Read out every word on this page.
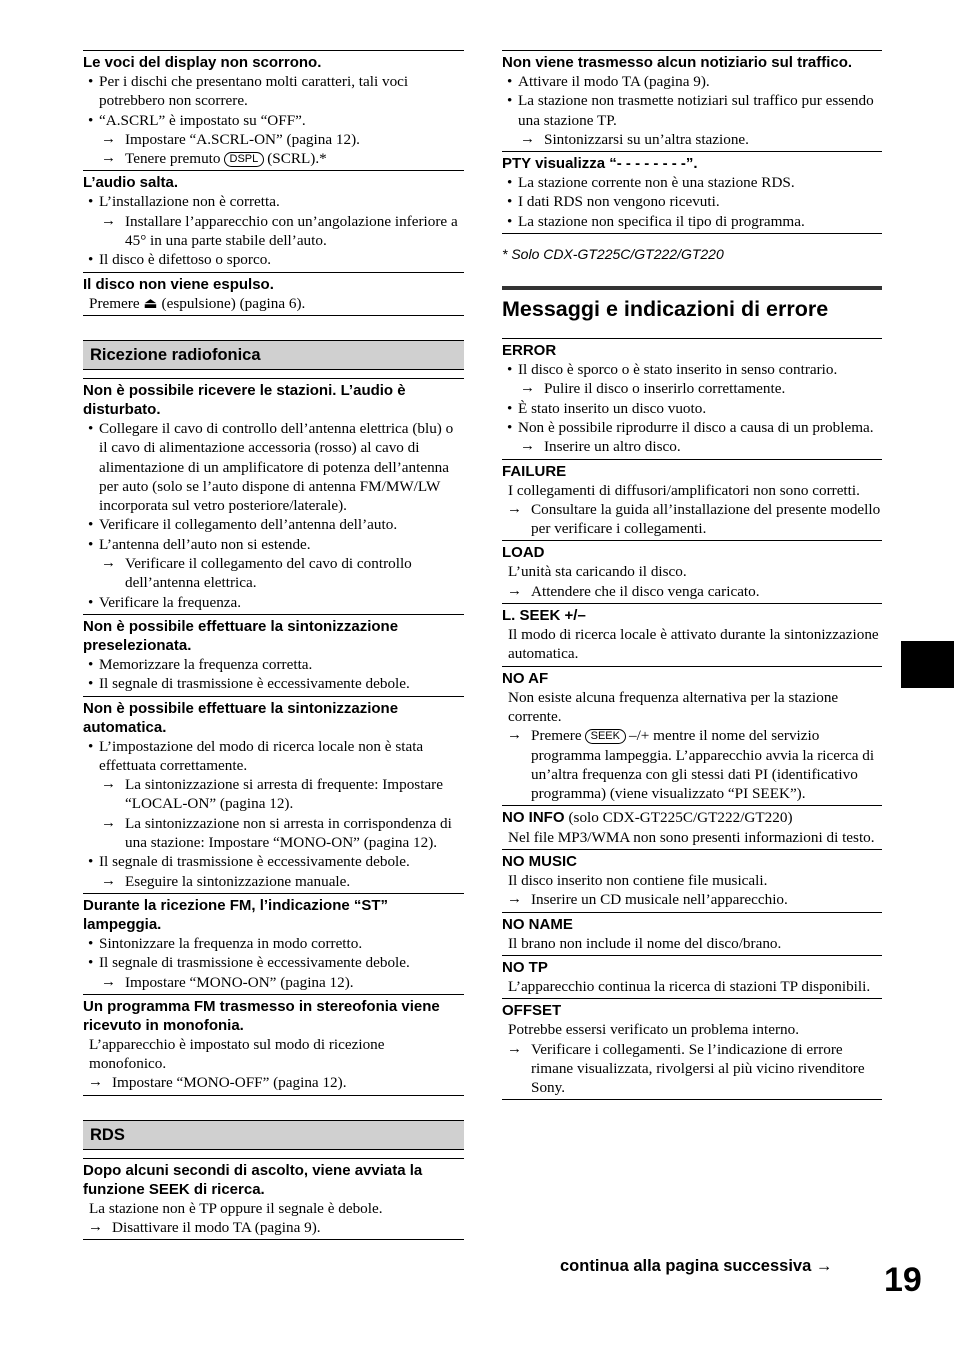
Le voci del display non scorrono.
• Per i dischi che presentano molti caratteri, tali voci potrebbero non scorrere.
• “A.SCRL” è impostato su “OFF”.
→ Impostare “A.SCRL-ON” (pagina 12).
→ Tenere premuto DSPL (SCRL).*
L’audio salta.
• L’installazione non è corretta.
→ Installare l’apparecchio con un’angolazione inferiore a 45° in una parte stabile dell’auto.
• Il disco è difettoso o sporco.
Il disco non viene espulso.
Premere ⏏ (espulsione) (pagina 6).
Ricezione radiofonica
Non è possibile ricevere le stazioni. L’audio è disturbato.
• Collegare il cavo di controllo dell’antenna elettrica (blu) o il cavo di alimentazione accessoria (rosso) al cavo di alimentazione di un amplificatore di potenza dell’antenna per auto (solo se l’auto dispone di antenna FM/MW/LW incorporata sul vetro posteriore/laterale).
• Verificare il collegamento dell’antenna dell’auto.
• L’antenna dell’auto non si estende.
→ Verificare il collegamento del cavo di controllo dell’antenna elettrica.
• Verificare la frequenza.
Non è possibile effettuare la sintonizzazione preselezionata.
• Memorizzare la frequenza corretta.
• Il segnale di trasmissione è eccessivamente debole.
Non è possibile effettuare la sintonizzazione automatica.
• L’impostazione del modo di ricerca locale non è stata effettuata correttamente.
→ La sintonizzazione si arresta di frequente: Impostare “LOCAL-ON” (pagina 12).
→ La sintonizzazione non si arresta in corrispondenza di una stazione: Impostare “MONO-ON” (pagina 12).
• Il segnale di trasmissione è eccessivamente debole.
→ Eseguire la sintonizzazione manuale.
Durante la ricezione FM, l’indicazione “ST” lampeggia.
• Sintonizzare la frequenza in modo corretto.
• Il segnale di trasmissione è eccessivamente debole.
→ Impostare “MONO-ON” (pagina 12).
Un programma FM trasmesso in stereofonia viene ricevuto in monofonia.
L’apparecchio è impostato sul modo di ricezione monofonico.
→ Impostare “MONO-OFF” (pagina 12).
RDS
Dopo alcuni secondi di ascolto, viene avviata la funzione SEEK di ricerca.
La stazione non è TP oppure il segnale è debole.
→ Disattivare il modo TA (pagina 9).
Non viene trasmesso alcun notiziario sul traffico.
• Attivare il modo TA (pagina 9).
• La stazione non trasmette notiziari sul traffico pur essendo una stazione TP.
→ Sintonizzarsi su un’altra stazione.
PTY visualizza “- - - - - - - -”.
• La stazione corrente non è una stazione RDS.
• I dati RDS non vengono ricevuti.
• La stazione non specifica il tipo di programma.
* Solo CDX-GT225C/GT222/GT220
Messaggi e indicazioni di errore
ERROR
• Il disco è sporco o è stato inserito in senso contrario.
→ Pulire il disco o inserirlo correttamente.
• È stato inserito un disco vuoto.
• Non è possibile riprodurre il disco a causa di un problema.
→ Inserire un altro disco.
FAILURE
I collegamenti di diffusori/amplificatori non sono corretti.
→ Consultare la guida all’installazione del presente modello per verificare i collegamenti.
LOAD
L’unità sta caricando il disco.
→ Attendere che il disco venga caricato.
L. SEEK +/–
Il modo di ricerca locale è attivato durante la sintonizzazione automatica.
NO AF
Non esiste alcuna frequenza alternativa per la stazione corrente.
→ Premere SEEK –/+ mentre il nome del servizio programma lampeggia. L’apparecchio avvia la ricerca di un’altra frequenza con gli stessi dati PI (identificativo programma) (viene visualizzato “PI SEEK”).
NO INFO (solo CDX-GT225C/GT222/GT220)
Nel file MP3/WMA non sono presenti informazioni di testo.
NO MUSIC
Il disco inserito non contiene file musicali.
→ Inserire un CD musicale nell’apparecchio.
NO NAME
Il brano non include il nome del disco/brano.
NO TP
L’apparecchio continua la ricerca di stazioni TP disponibili.
OFFSET
Potrebbe essersi verificato un problema interno.
→ Verificare i collegamenti. Se l’indicazione di errore rimane visualizzata, rivolgersi al più vicino rivenditore Sony.
continua alla pagina successiva → 19
